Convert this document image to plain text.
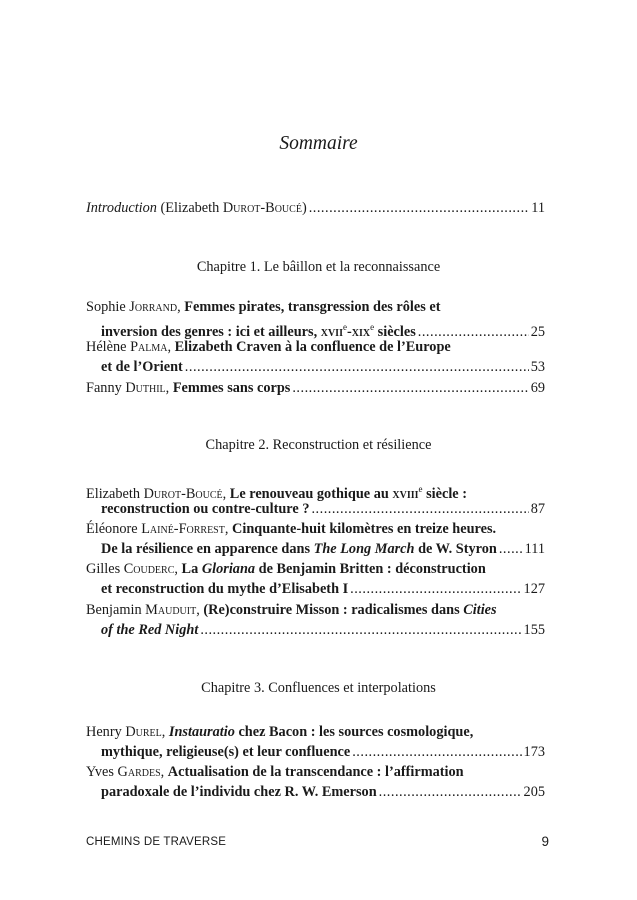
Sommaire
Introduction (Elizabeth Durot-Boucé) .....	11
Chapitre 1. Le bâillon et la reconnaissance
Sophie Jorrand, Femmes pirates, transgression des rôles et
inversion des genres : ici et ailleurs, xvii$^e$-xix$^e$ siècles .....	25
Hélène Palma, Elizabeth Craven à la confluence de l’Europe
et de l’Orient .....	53
Fanny Duthil, Femmes sans corps .....	69
Chapitre 2. Reconstruction et résilience
Elizabeth Durot-Boucé, Le renouveau gothique au xviii$^e$ siècle :
reconstruction ou contre-culture ? .....	87
Éléonore Lainé-Forrest, Cinquante-huit kilomètres en treize heures.
De la résilience en apparence dans The Long March de W. Styron ..... 111
Gilles Couderc, La Gloriana de Benjamin Britten : déconstruction
et reconstruction du mythe d’Elisabeth I .....	127
Benjamin Mauduit, (Re)construire Misson : radicalismes dans Cities
of the Red Night .....	155
Chapitre 3. Confluences et interpolations
Henry Durel, Instauratio chez Bacon : les sources cosmologique,
mythique, religieuse(s) et leur confluence .....	173
Yves Gardes, Actualisation de la transcendance : l’affirmation
paradoxale de l’individu chez R. W. Emerson .....	205
CHEMINS DE TRAVERSE	9
